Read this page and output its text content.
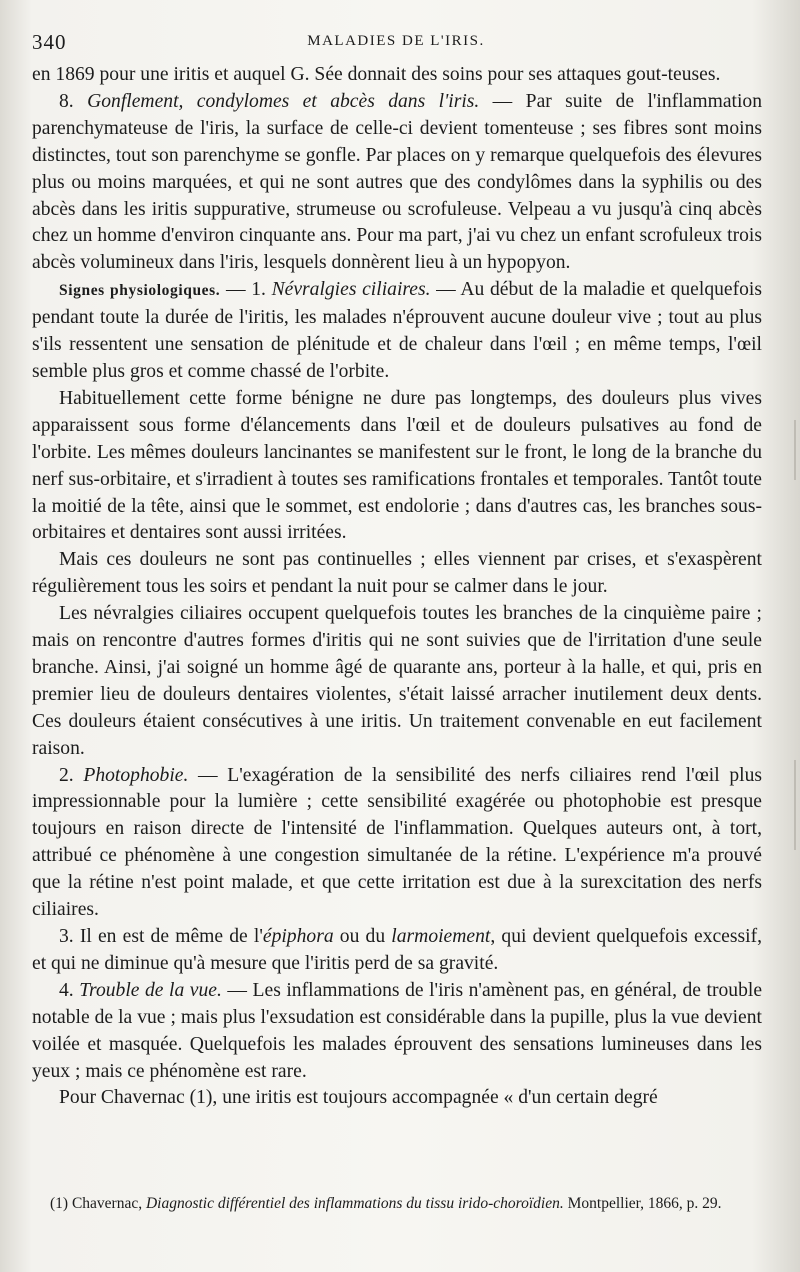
340	MALADIES DE L'IRIS.

en 1869 pour une iritis et auquel G. Sée donnait des soins pour ses attaques gout-teuses.

8. Gonflement, condylomes et abcès dans l'iris. — Par suite de l'inflammation parenchymateuse de l'iris, la surface de celle-ci devient tomenteuse ; ses fibres sont moins distinctes, tout son parenchyme se gonfle. Par places on y remarque quelquefois des élevures plus ou moins marquées, et qui ne sont autres que des condylômes dans la syphilis ou des abcès dans les iritis suppurative, strumeuse ou scrofuleuse. Velpeau a vu jusqu'à cinq abcès chez un homme d'environ cinquante ans. Pour ma part, j'ai vu chez un enfant scrofuleux trois abcès volumineux dans l'iris, lesquels donnèrent lieu à un hypopyon.

Signes physiologiques. — 1. Névralgies ciliaires. — Au début de la maladie et quelquefois pendant toute la durée de l'iritis, les malades n'éprouvent aucune douleur vive ; tout au plus s'ils ressentent une sensation de plénitude et de chaleur dans l'œil ; en même temps, l'œil semble plus gros et comme chassé de l'orbite.

Habituellement cette forme bénigne ne dure pas longtemps, des douleurs plus vives apparaissent sous forme d'élancements dans l'œil et de douleurs pulsatives au fond de l'orbite. Les mêmes douleurs lancinantes se manifestent sur le front, le long de la branche du nerf sus-orbitaire, et s'irradient à toutes ses ramifications frontales et temporales. Tantôt toute la moitié de la tête, ainsi que le sommet, est endolorie ; dans d'autres cas, les branches sous-orbitaires et dentaires sont aussi irritées.

Mais ces douleurs ne sont pas continuelles ; elles viennent par crises, et s'exaspèrent régulièrement tous les soirs et pendant la nuit pour se calmer dans le jour.

Les névralgies ciliaires occupent quelquefois toutes les branches de la cinquième paire ; mais on rencontre d'autres formes d'iritis qui ne sont suivies que de l'irritation d'une seule branche. Ainsi, j'ai soigné un homme âgé de quarante ans, porteur à la halle, et qui, pris en premier lieu de douleurs dentaires violentes, s'était laissé arracher inutilement deux dents. Ces douleurs étaient consécutives à une iritis. Un traitement convenable en eut facilement raison.

2. Photophobie. — L'exagération de la sensibilité des nerfs ciliaires rend l'œil plus impressionnable pour la lumière ; cette sensibilité exagérée ou photophobie est presque toujours en raison directe de l'intensité de l'inflammation. Quelques auteurs ont, à tort, attribué ce phénomène à une congestion simultanée de la rétine. L'expérience m'a prouvé que la rétine n'est point malade, et que cette irritation est due à la surexcitation des nerfs ciliaires.

3. Il en est de même de l'épiphora ou du larmoiement, qui devient quelquefois excessif, et qui ne diminue qu'à mesure que l'iritis perd de sa gravité.

4. Trouble de la vue. — Les inflammations de l'iris n'amènent pas, en général, de trouble notable de la vue ; mais plus l'exsudation est considérable dans la pupille, plus la vue devient voilée et masquée. Quelquefois les malades éprouvent des sensations lumineuses dans les yeux ; mais ce phénomène est rare.

Pour Chavernac (1), une iritis est toujours accompagnée « d'un certain degré

(1) Chavernac, Diagnostic différentiel des inflammations du tissu irido-choroïdien. Montpellier, 1866, p. 29.
